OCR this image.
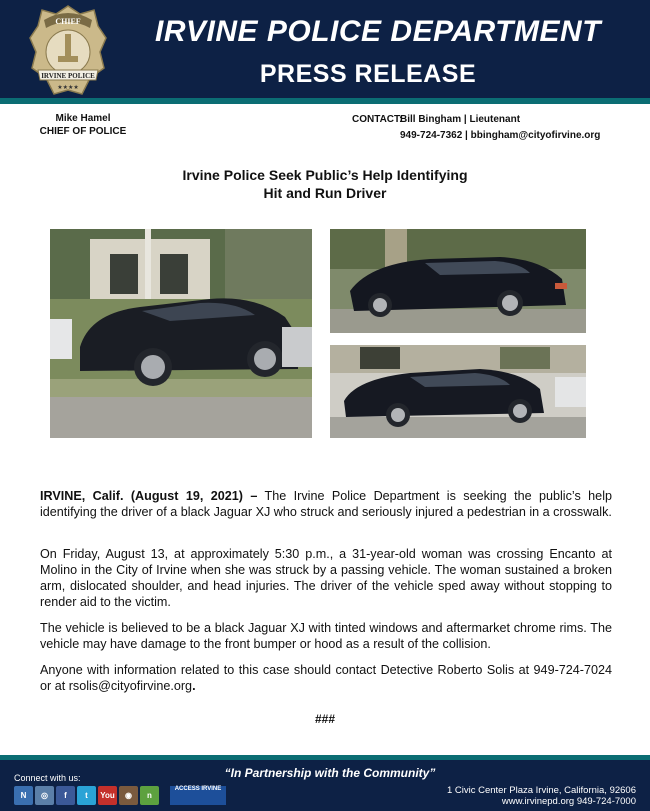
CHIEF
IRVINE POLICE
★★★★
IRVINE POLICE DEPARTMENT
PRESS RELEASE
Mike Hamel
CHIEF OF POLICE
CONTACT:
Bill Bingham | Lieutenant
949-724-7362 | bbingham@cityofirvine.org
Irvine Police Seek Public’s Help Identifying
Hit and Run Driver
IRVINE, Calif. (August 19, 2021) – The Irvine Police Department is seeking the public’s help identifying the driver of a black Jaguar XJ who struck and seriously injured a pedestrian in a crosswalk.
On Friday, August 13, at approximately 5:30 p.m., a 31-year-old woman was crossing Encanto at Molino in the City of Irvine when she was struck by a passing vehicle. The woman sustained a broken arm, dislocated shoulder, and head injuries. The driver of the vehicle sped away without stopping to render aid to the victim.
The vehicle is believed to be a black Jaguar XJ with tinted windows and aftermarket chrome rims. The vehicle may have damage to the front bumper or hood as a result of the collision.
Anyone with information related to this case should contact Detective Roberto Solis at 949-724-7024 or at rsolis@cityofirvine.org.
###
Connect with us:
N	◎	f	t	You	◉	n
ACCESS IRVINE
“In Partnership with the Community”
1 Civic Center Plaza Irvine, California, 92606
www.irvinepd.org 949-724-7000
